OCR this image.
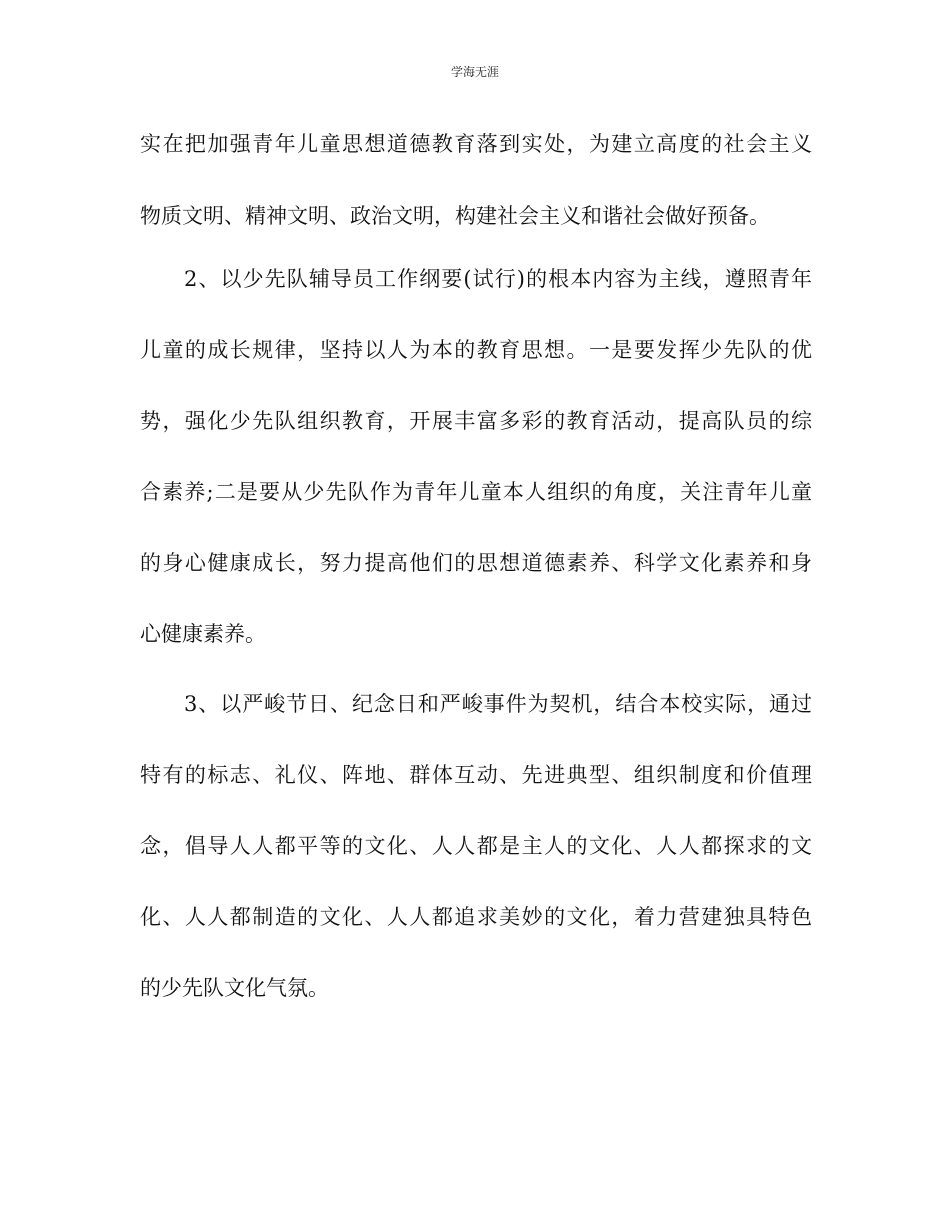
学海无涯
实在把加强青年儿童思想道德教育落到实处，为建立高度的社会主义
物质文明、精神文明、政治文明，构建社会主义和谐社会做好预备。
2、以少先队辅导员工作纲要(试行)的根本内容为主线，遵照青年
儿童的成长规律，坚持以人为本的教育思想。一是要发挥少先队的优
势，强化少先队组织教育，开展丰富多彩的教育活动，提高队员的综
合素养;二是要从少先队作为青年儿童本人组织的角度，关注青年儿童
的身心健康成长，努力提高他们的思想道德素养、科学文化素养和身
心健康素养。
3、以严峻节日、纪念日和严峻事件为契机，结合本校实际，通过
特有的标志、礼仪、阵地、群体互动、先进典型、组织制度和价值理
念，倡导人人都平等的文化、人人都是主人的文化、人人都探求的文
化、人人都制造的文化、人人都追求美妙的文化，着力营建独具特色
的少先队文化气氛。
